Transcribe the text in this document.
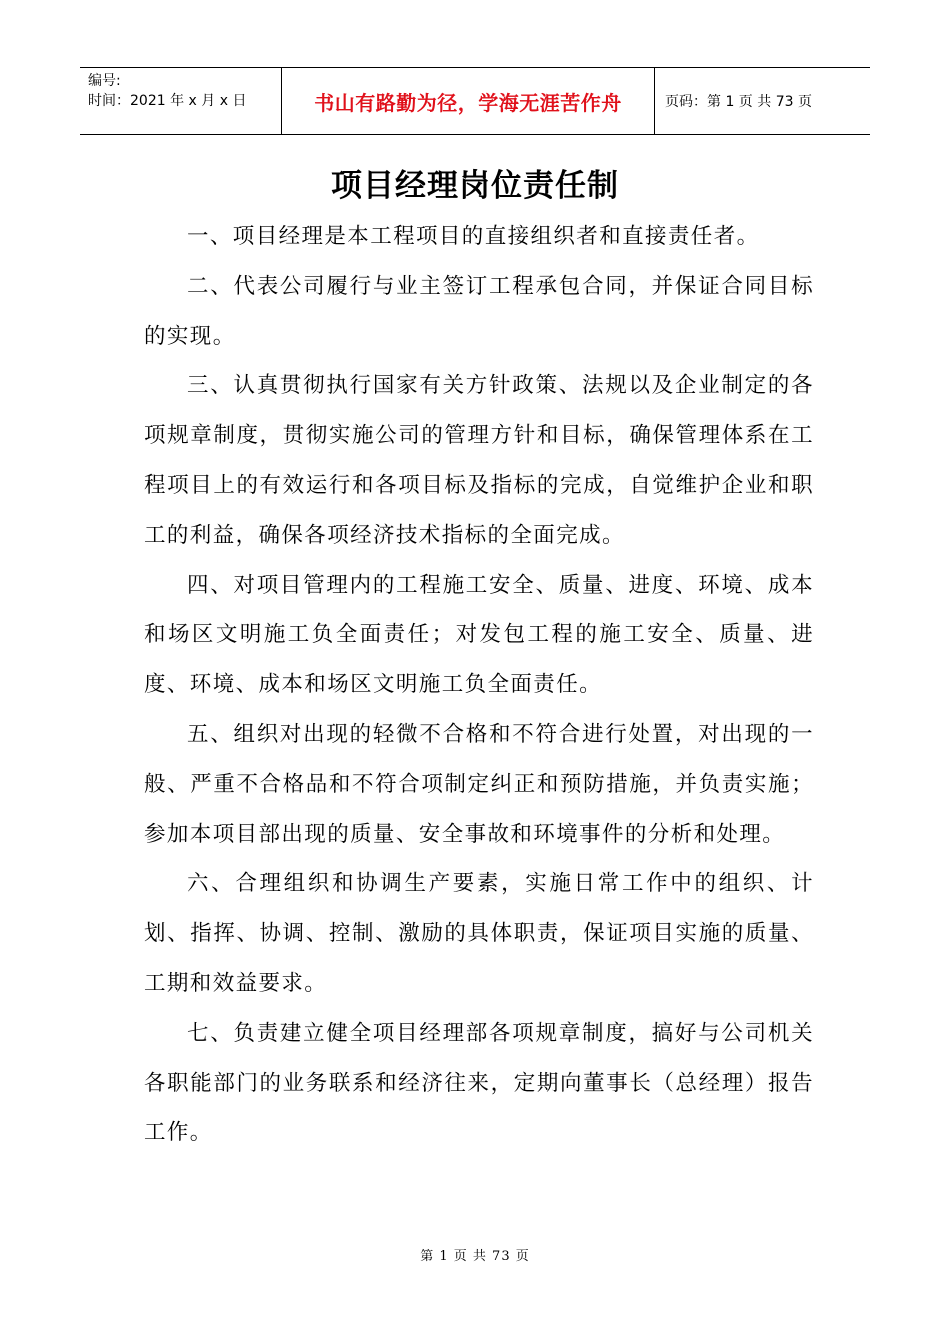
编号:
时间：2021 年 x 月 x 日	书山有路勤为径，学海无涯苦作舟	页码：第 1 页 共 73 页
项目经理岗位责任制

一、项目经理是本工程项目的直接组织者和直接责任者。

二、代表公司履行与业主签订工程承包合同，并保证合同目标的实现。

三、认真贯彻执行国家有关方针政策、法规以及企业制定的各项规章制度，贯彻实施公司的管理方针和目标，确保管理体系在工程项目上的有效运行和各项目标及指标的完成，自觉维护企业和职工的利益，确保各项经济技术指标的全面完成。

四、对项目管理内的工程施工安全、质量、进度、环境、成本和场区文明施工负全面责任；对发包工程的施工安全、质量、进度、环境、成本和场区文明施工负全面责任。

五、组织对出现的轻微不合格和不符合进行处置，对出现的一般、严重不合格品和不符合项制定纠正和预防措施，并负责实施；参加本项目部出现的质量、安全事故和环境事件的分析和处理。

六、合理组织和协调生产要素，实施日常工作中的组织、计划、指挥、协调、控制、激励的具体职责，保证项目实施的质量、工期和效益要求。

七、负责建立健全项目经理部各项规章制度，搞好与公司机关各职能部门的业务联系和经济往来，定期向董事长（总经理）报告工作。

第 1 页 共 73 页
